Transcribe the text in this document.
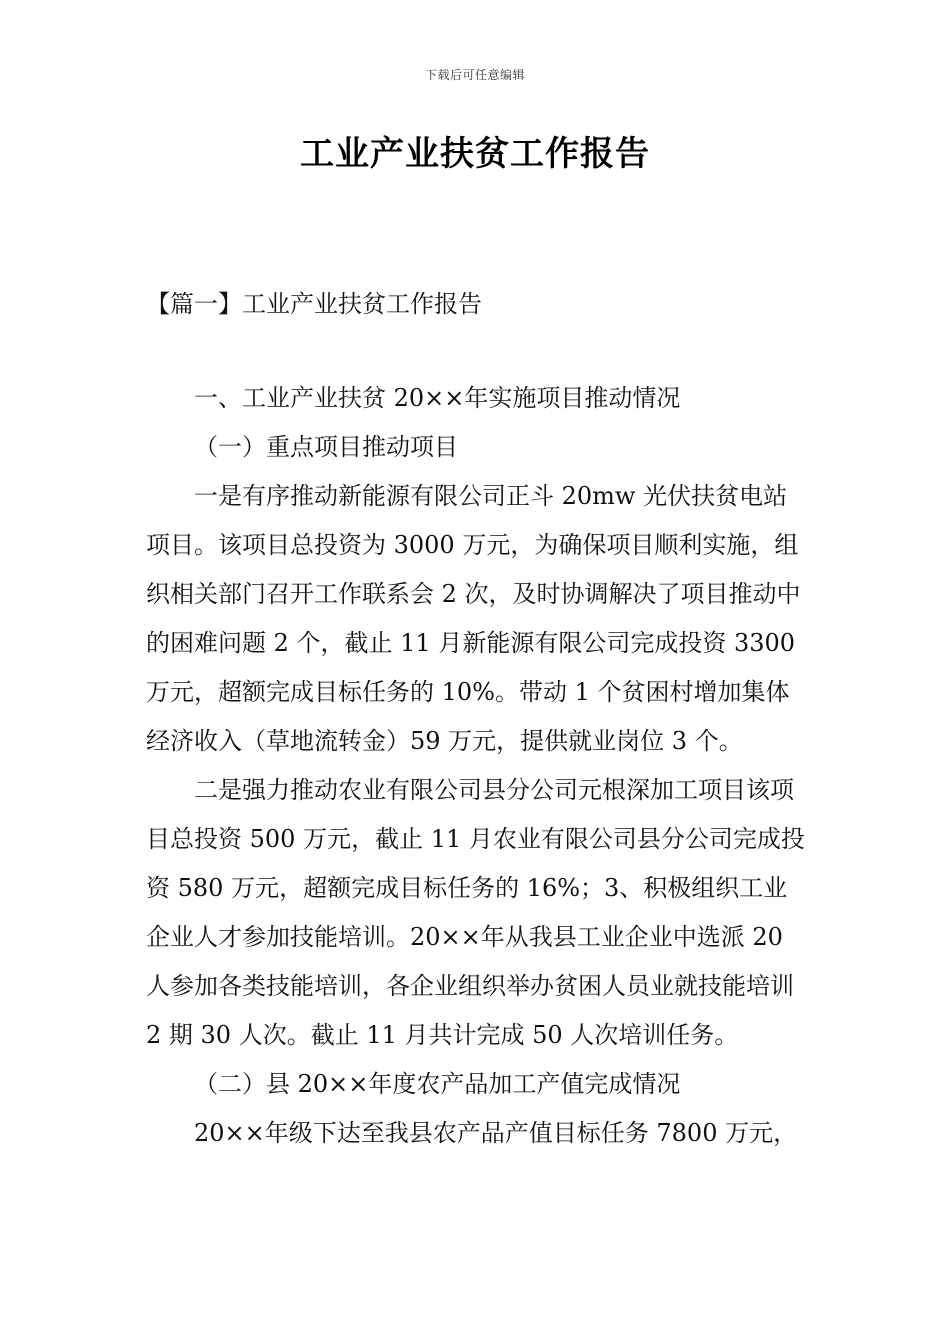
下载后可任意编辑
工业产业扶贫工作报告
【篇一】工业产业扶贫工作报告

一、工业产业扶贫 20××年实施项目推动情况

（一）重点项目推动项目

一是有序推动新能源有限公司正斗 20mw 光伏扶贫电站项目。该项目总投资为 3000 万元，为确保项目顺利实施，组织相关部门召开工作联系会 2 次，及时协调解决了项目推动中的困难问题 2 个，截止 11 月新能源有限公司完成投资 3300 万元，超额完成目标任务的 10%。带动 1 个贫困村增加集体经济收入（草地流转金）59 万元，提供就业岗位 3 个。

二是强力推动农业有限公司县分公司元根深加工项目该项目总投资 500 万元，截止 11 月农业有限公司县分公司完成投资 580 万元，超额完成目标任务的 16%；3、积极组织工业企业人才参加技能培训。20××年从我县工业企业中选派 20 人参加各类技能培训，各企业组织举办贫困人员业就技能培训 2 期 30 人次。截止 11 月共计完成 50 人次培训任务。

（二）县 20××年度农产品加工产值完成情况

20××年级下达至我县农产品产值目标任务 7800 万元，
